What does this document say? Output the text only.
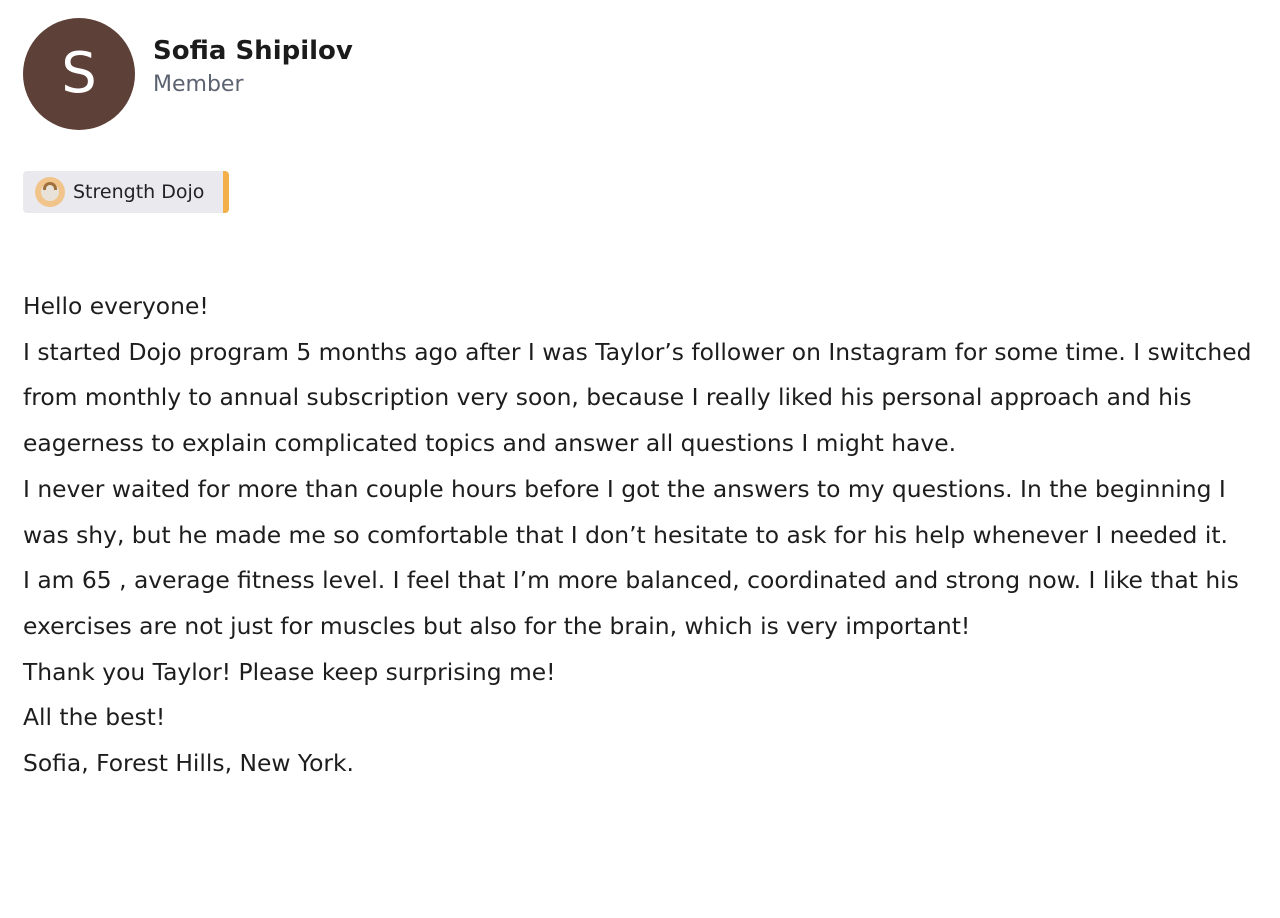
S	Sofia Shipilov
Member
Strength Dojo

Hello everyone!

I started Dojo program 5 months ago after I was Taylor’s follower on Instagram for some time. I switched from monthly to annual subscription very soon, because I really liked his personal approach and his eagerness to explain complicated topics and answer all questions I might have.

I never waited for more than couple hours before I got the answers to my questions. In the beginning I was shy, but he made me so comfortable that I don’t hesitate to ask for his help whenever I needed it.

I am 65 , average fitness level. I feel that I’m more balanced, coordinated and strong now. I like that his exercises are not just for muscles but also for the brain, which is very important!

Thank you Taylor! Please keep surprising me!

All the best!

Sofia, Forest Hills, New York.
